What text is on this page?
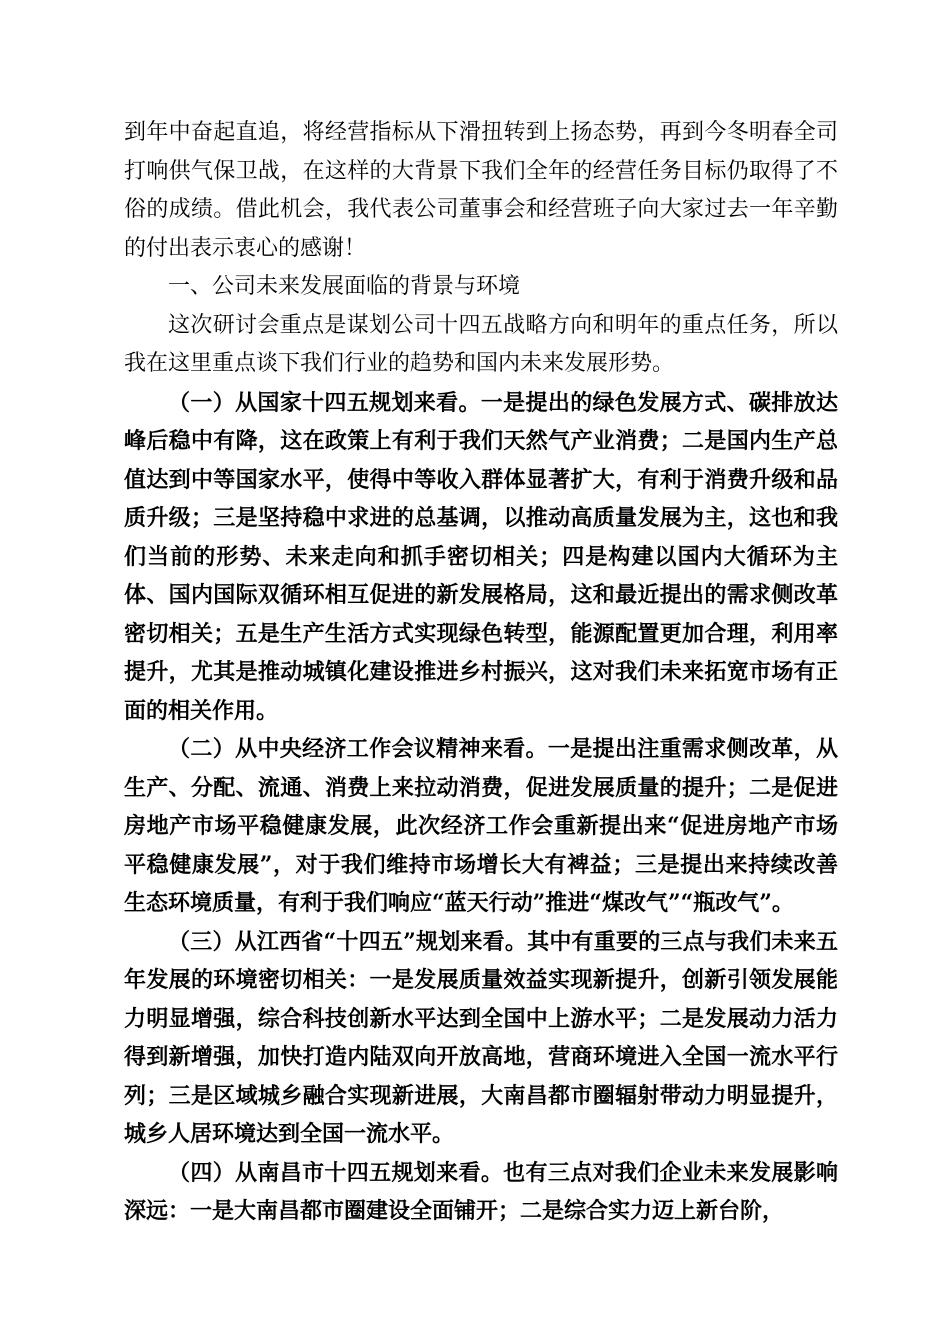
到年中奋起直追，将经营指标从下滑扭转到上扬态势，再到今冬明春全司打响供气保卫战，在这样的大背景下我们全年的经营任务目标仍取得了不俗的成绩。借此机会，我代表公司董事会和经营班子向大家过去一年辛勤的付出表示衷心的感谢！

一、公司未来发展面临的背景与环境

这次研讨会重点是谋划公司十四五战略方向和明年的重点任务，所以我在这里重点谈下我们行业的趋势和国内未来发展形势。

（一）从国家十四五规划来看。一是提出的绿色发展方式、碳排放达峰后稳中有降，这在政策上有利于我们天然气产业消费；二是国内生产总值达到中等国家水平，使得中等收入群体显著扩大，有利于消费升级和品质升级；三是坚持稳中求进的总基调，以推动高质量发展为主，这也和我们当前的形势、未来走向和抓手密切相关；四是构建以国内大循环为主体、国内国际双循环相互促进的新发展格局，这和最近提出的需求侧改革密切相关；五是生产生活方式实现绿色转型，能源配置更加合理，利用率提升，尤其是推动城镇化建设推进乡村振兴，这对我们未来拓宽市场有正面的相关作用。

（二）从中央经济工作会议精神来看。一是提出注重需求侧改革，从生产、分配、流通、消费上来拉动消费，促进发展质量的提升；二是促进房地产市场平稳健康发展，此次经济工作会重新提出来“促进房地产市场平稳健康发展”，对于我们维持市场增长大有裨益；三是提出来持续改善生态环境质量，有利于我们响应“蓝天行动”推进“煤改气”“瓶改气”。

（三）从江西省“十四五”规划来看。其中有重要的三点与我们未来五年发展的环境密切相关：一是发展质量效益实现新提升，创新引领发展能力明显增强，综合科技创新水平达到全国中上游水平；二是发展动力活力得到新增强，加快打造内陆双向开放高地，营商环境进入全国一流水平行列；三是区域城乡融合实现新进展，大南昌都市圈辐射带动力明显提升，城乡人居环境达到全国一流水平。

（四）从南昌市十四五规划来看。也有三点对我们企业未来发展影响深远：一是大南昌都市圈建设全面铺开；二是综合实力迈上新台阶，
